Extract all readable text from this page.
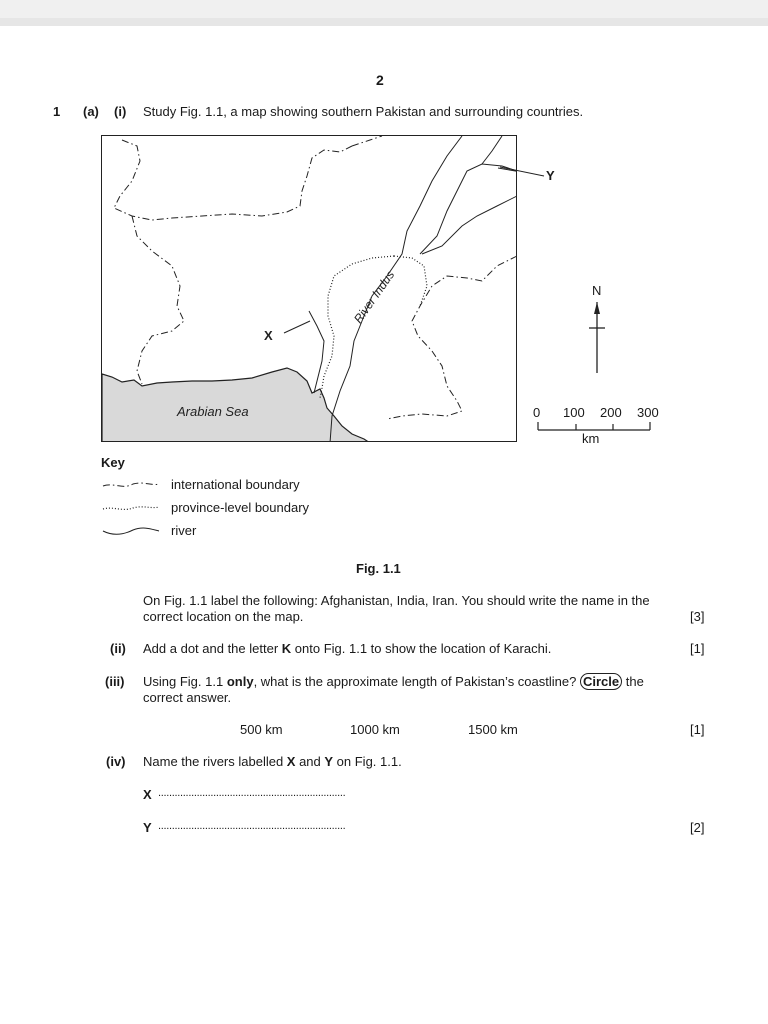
2
1 (a) (i) Study Fig. 1.1, a map showing southern Pakistan and surrounding countries.
River Indus
Arabian Sea
X
Y
N
0 100 200 300
km
Key
international boundary
province-level boundary
river
Fig. 1.1
On Fig. 1.1 label the following: Afghanistan, India, Iran. You should write the name in the
correct location on the map.	[3]
(ii) Add a dot and the letter K onto Fig. 1.1 to show the location of Karachi.	[1]
(iii) Using Fig. 1.1 only, what is the approximate length of Pakistan’s coastline? Circle the
correct answer.
500 km	1000 km	1500 km	[1]
(iv) Name the rivers labelled X and Y on Fig. 1.1.
X ....................................................................
Y ....................................................................	[2]
